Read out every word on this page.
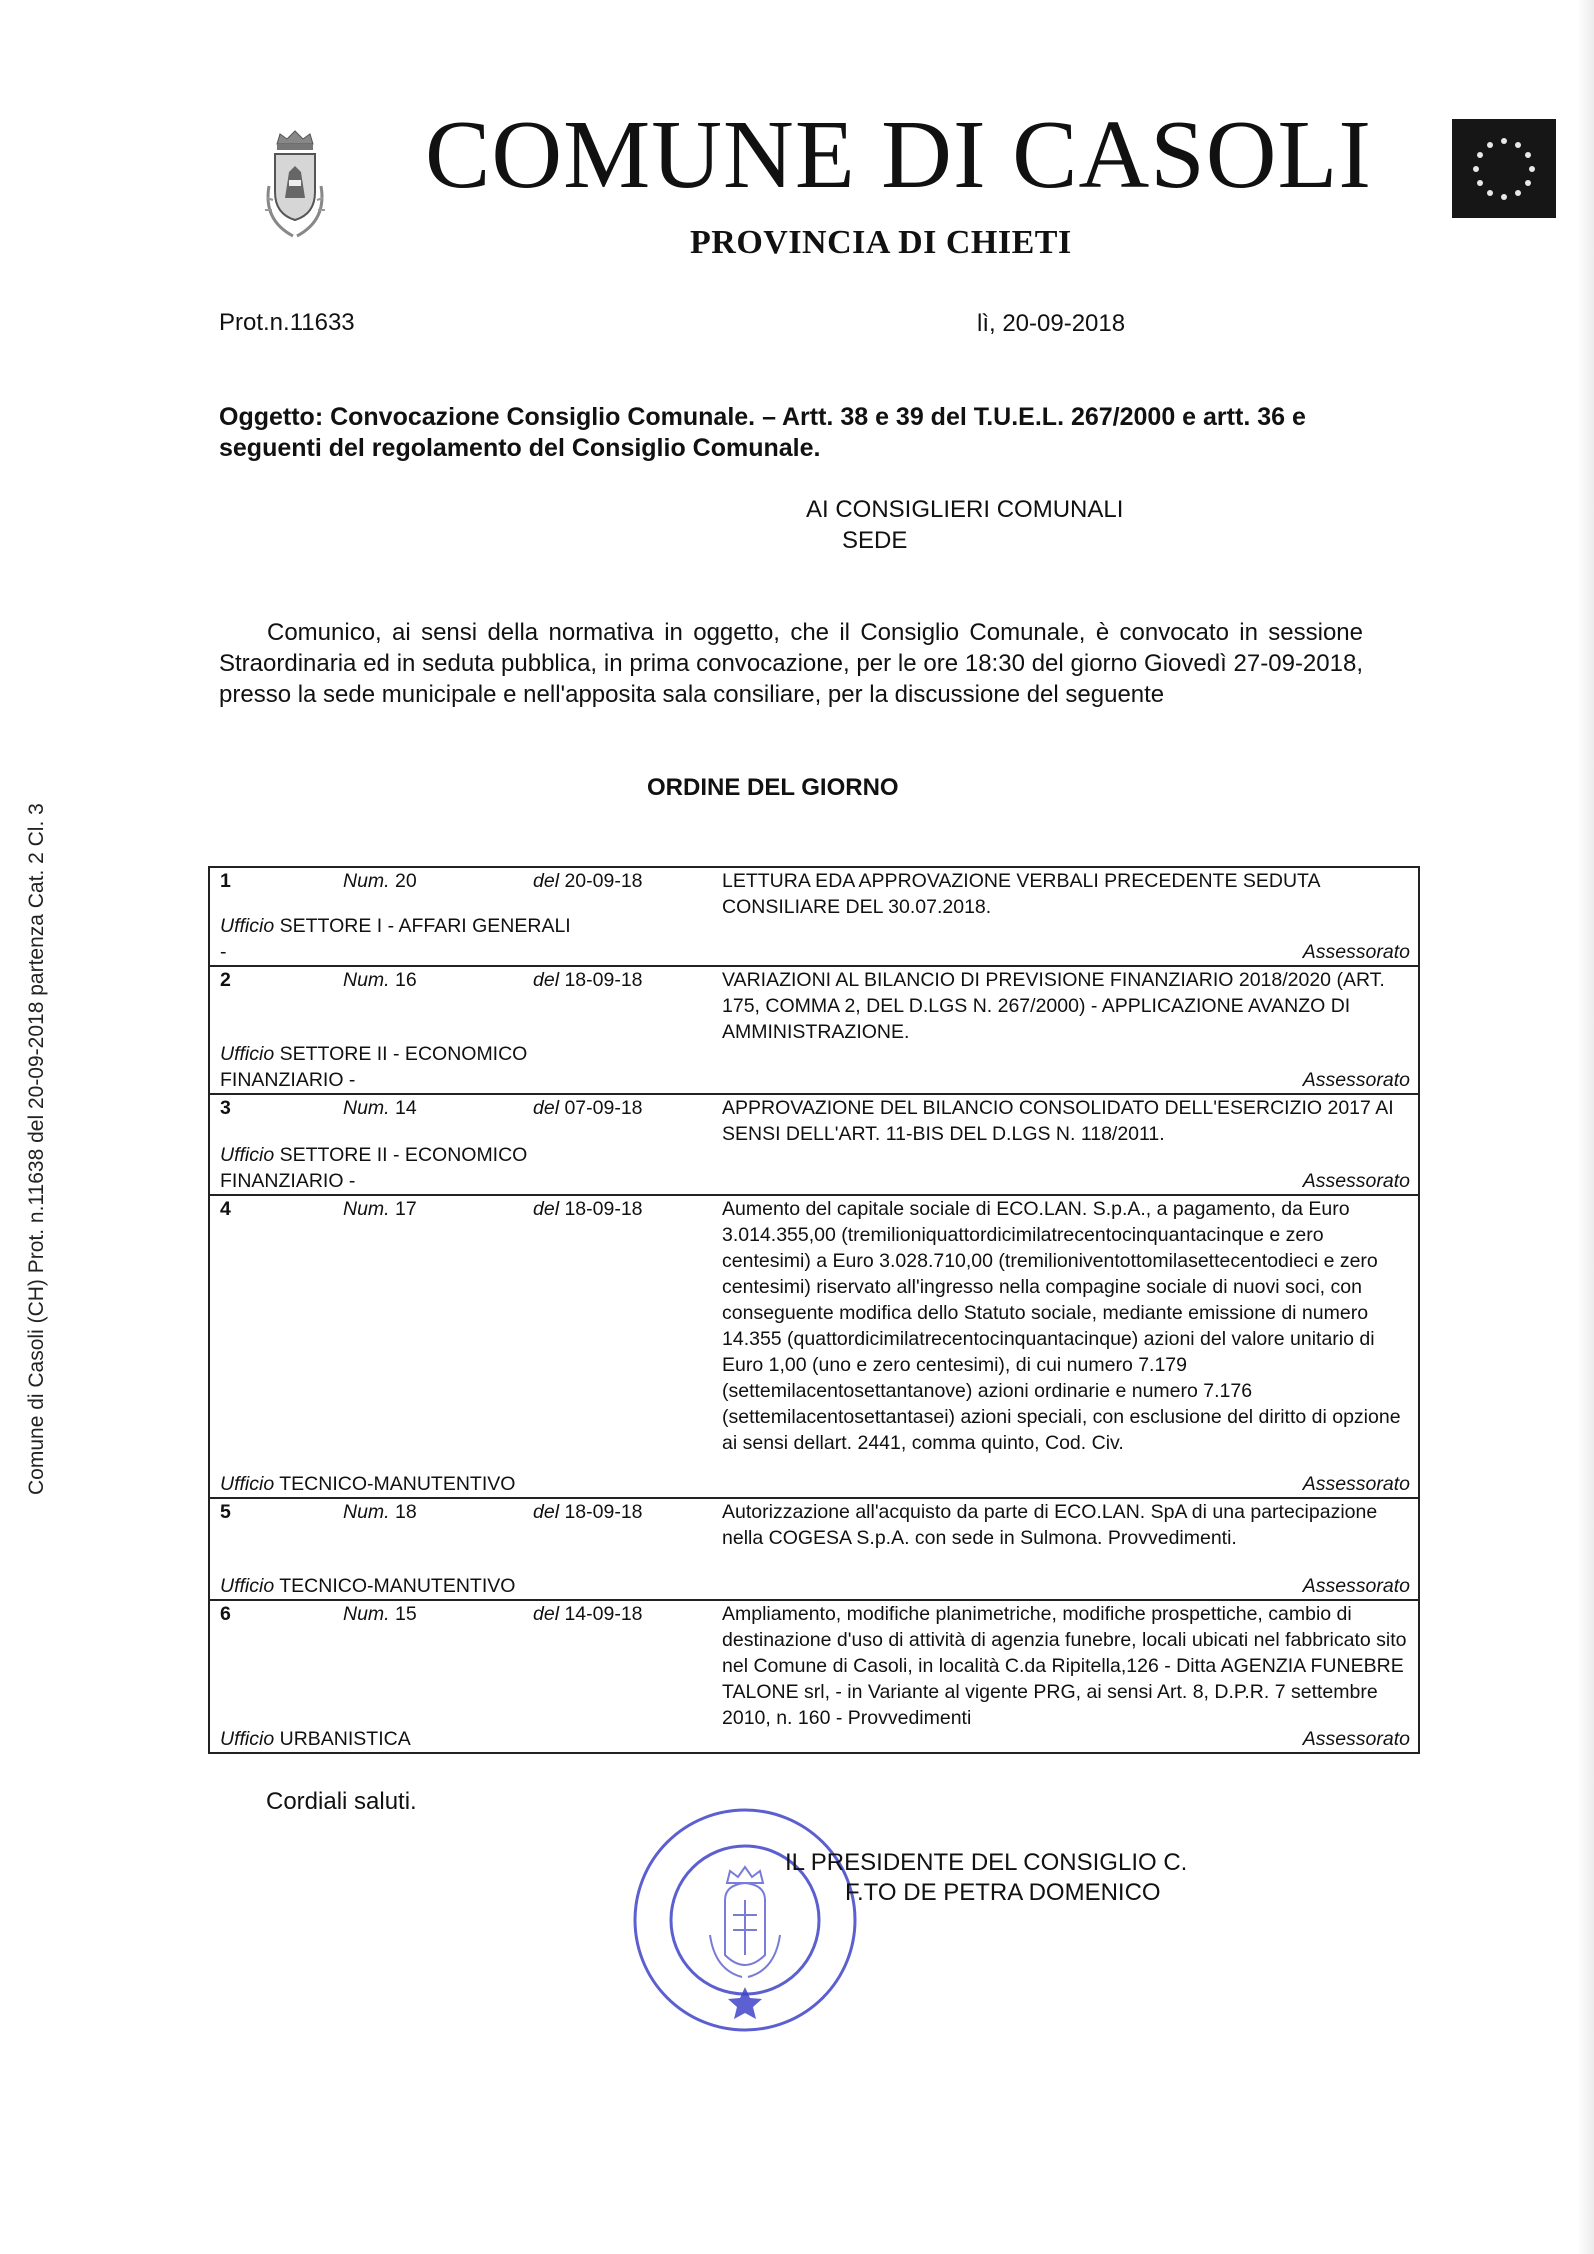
Comune di Casoli (CH) Prot. n.11638 del 20-09-2018 partenza Cat. 2 Cl. 3
COMUNE DI CASOLI
PROVINCIA DI CHIETI
Prot.n.11633	lì, 20-09-2018
Oggetto: Convocazione Consiglio Comunale. – Artt. 38 e 39 del T.U.E.L. 267/2000 e artt. 36 e seguenti del regolamento del Consiglio Comunale.
AI CONSIGLIERI COMUNALI
SEDE
Comunico, ai sensi della normativa in oggetto, che il Consiglio Comunale, è convocato in sessione Straordinaria ed in seduta pubblica, in prima convocazione, per le ore 18:30 del giorno Giovedì 27-09-2018, presso la sede municipale e nell'apposita sala consiliare, per la discussione del seguente
ORDINE DEL GIORNO
1	Num. 20	del 20-09-18	LETTURA EDA APPROVAZIONE VERBALI PRECEDENTE SEDUTA CONSILIARE DEL 30.07.2018.
Ufficio SETTORE I - AFFARI GENERALI -	Assessorato
2	Num. 16	del 18-09-18	VARIAZIONI AL BILANCIO DI PREVISIONE FINANZIARIO 2018/2020 (ART. 175, COMMA 2, DEL D.LGS N. 267/2000) - APPLICAZIONE AVANZO DI AMMINISTRAZIONE.
Ufficio SETTORE II - ECONOMICO FINANZIARIO -	Assessorato
3	Num. 14	del 07-09-18	APPROVAZIONE DEL BILANCIO CONSOLIDATO DELL'ESERCIZIO 2017 AI SENSI DELL'ART. 11-BIS DEL D.LGS N. 118/2011.
Ufficio SETTORE II - ECONOMICO FINANZIARIO -	Assessorato
4	Num. 17	del 18-09-18	Aumento del capitale sociale di ECO.LAN. S.p.A., a pagamento, da Euro 3.014.355,00 (tremilioniquattordicimilatrecentocinquantacinque e zero centesimi) a Euro 3.028.710,00 (tremilioniventottomilasettecentodieci e zero centesimi) riservato all'ingresso nella compagine sociale di nuovi soci, con conseguente modifica dello Statuto sociale, mediante emissione di numero 14.355 (quattordicimilatrecentocinquantacinque) azioni del valore unitario di Euro 1,00 (uno e zero centesimi), di cui numero 7.179 (settemilacentosettantanove) azioni ordinarie e numero 7.176 (settemilacentosettantasei) azioni speciali, con esclusione del diritto di opzione ai sensi dellart. 2441, comma quinto, Cod. Civ.
Ufficio TECNICO-MANUTENTIVO	Assessorato
5	Num. 18	del 18-09-18	Autorizzazione all'acquisto da parte di ECO.LAN. SpA di una partecipazione nella COGESA S.p.A. con sede in Sulmona. Provvedimenti.
Ufficio TECNICO-MANUTENTIVO	Assessorato
6	Num. 15	del 14-09-18	Ampliamento, modifiche planimetriche, modifiche prospettiche, cambio di destinazione d'uso di attività di agenzia funebre, locali ubicati nel fabbricato sito nel Comune di Casoli, in località C.da Ripitella,126 - Ditta AGENZIA FUNEBRE TALONE srl, - in Variante al vigente PRG, ai sensi Art. 8, D.P.R. 7 settembre 2010, n. 160 - Provvedimenti
Ufficio URBANISTICA	Assessorato
Cordiali saluti.
IL PRESIDENTE DEL CONSIGLIO C.
F.TO DE PETRA DOMENICO
